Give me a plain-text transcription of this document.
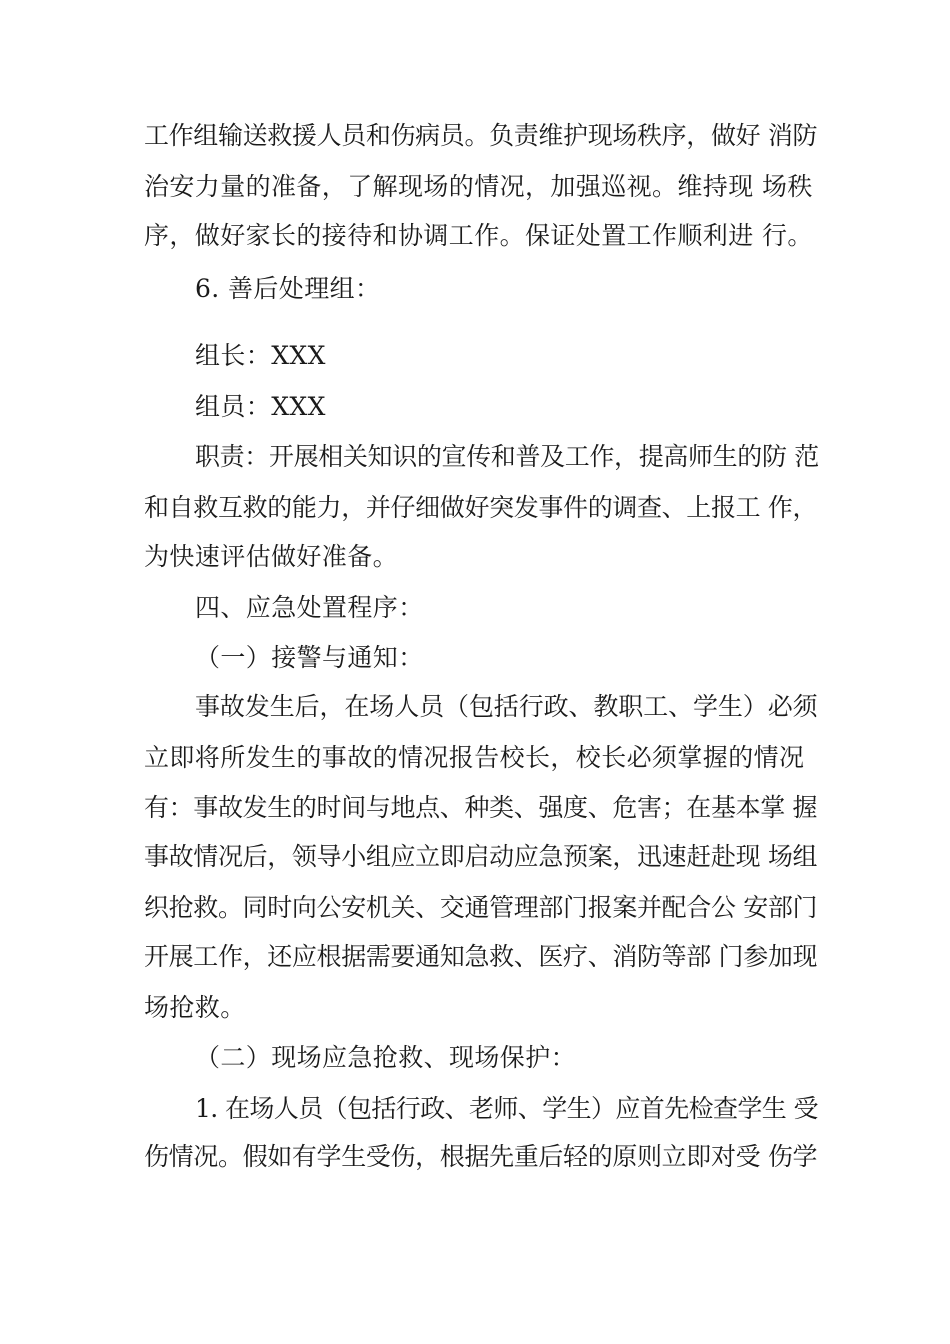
工作组输送救援人员和伤病员。负责维护现场秩序，做好 消防
治安力量的准备，了解现场的情况，加强巡视。维持现 场秩
序，做好家长的接待和协调工作。保证处置工作顺利进 行。
6. 善后处理组：
组长：XXX
组员：XXX
职责：开展相关知识的宣传和普及工作，提高师生的防 范
和自救互救的能力，并仔细做好突发事件的调查、上报工 作，
为快速评估做好准备。
四、应急处置程序：
（一）接警与通知：
事故发生后，在场人员（包括行政、教职工、学生）必须
立即将所发生的事故的情况报告校长，校长必须掌握的情况
有：事故发生的时间与地点、种类、强度、危害；在基本掌 握
事故情况后，领导小组应立即启动应急预案，迅速赶赴现 场组
织抢救。同时向公安机关、交通管理部门报案并配合公 安部门
开展工作，还应根据需要通知急救、医疗、消防等部 门参加现
场抢救。
（二）现场应急抢救、现场保护：
1. 在场人员（包括行政、老师、学生）应首先检查学生 受
伤情况。假如有学生受伤，根据先重后轻的原则立即对受 伤学
